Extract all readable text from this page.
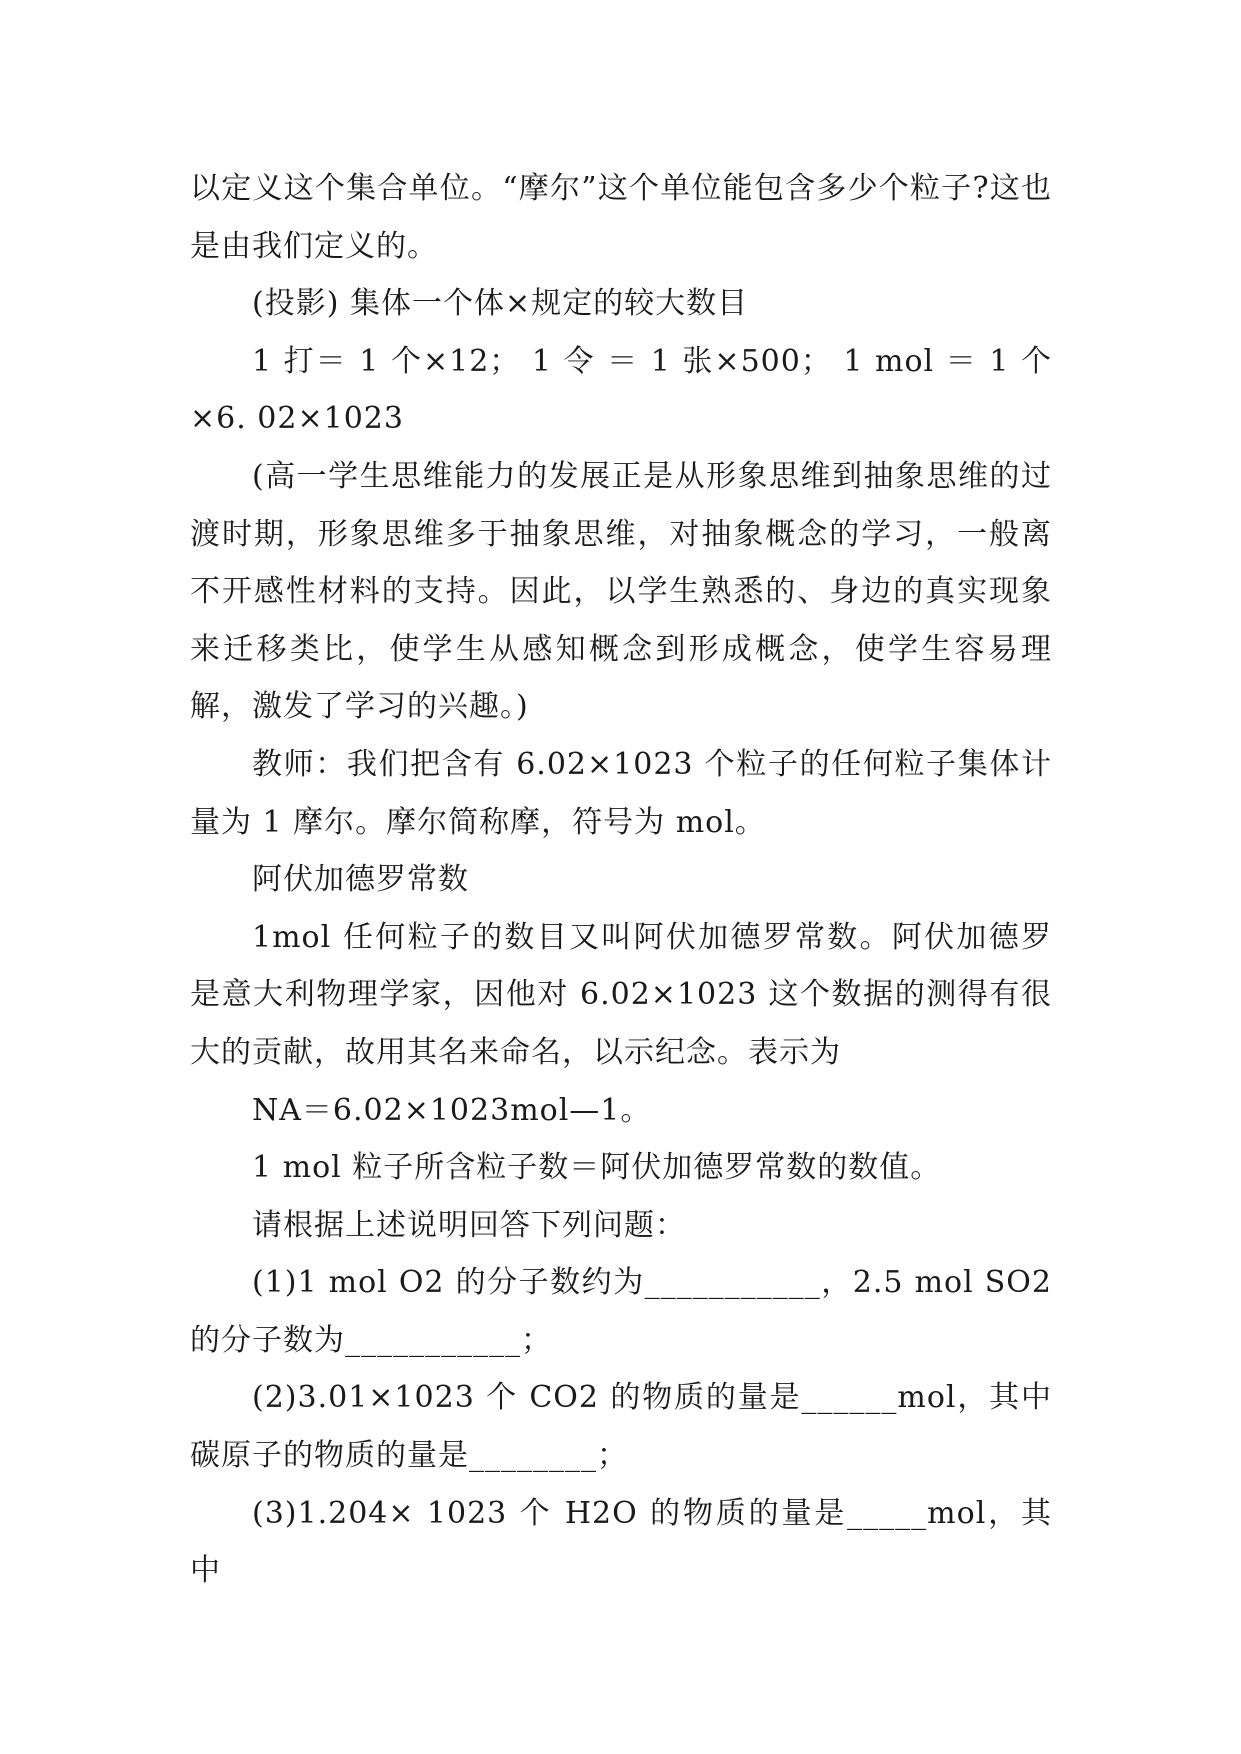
以定义这个集合单位。“摩尔”这个单位能包含多少个粒子?这也是由我们定义的。

(投影) 集体一个体×规定的较大数目

1 打＝ 1 个×12； 1 令 ＝ 1 张×500； 1 mol ＝ 1 个×6. 02×1023

(高一学生思维能力的发展正是从形象思维到抽象思维的过渡时期，形象思维多于抽象思维，对抽象概念的学习，一般离不开感性材料的支持。因此，以学生熟悉的、身边的真实现象来迁移类比，使学生从感知概念到形成概念，使学生容易理解，激发了学习的兴趣。)

教师：我们把含有 6.02×1023 个粒子的任何粒子集体计量为 1 摩尔。摩尔简称摩，符号为 mol。

阿伏加德罗常数

1mol 任何粒子的数目又叫阿伏加德罗常数。阿伏加德罗是意大利物理学家，因他对 6.02×1023 这个数据的测得有很大的贡献，故用其名来命名，以示纪念。表示为

NA＝6.02×1023mol—1。

1 mol 粒子所含粒子数＝阿伏加德罗常数的数值。

请根据上述说明回答下列问题：

(1)1 mol O2 的分子数约为___________，2.5 mol SO2 的分子数为___________；

(2)3.01×1023 个 CO2 的物质的量是______mol，其中碳原子的物质的量是________；

(3)1.204× 1023 个 H2O 的物质的量是_____mol，其中
